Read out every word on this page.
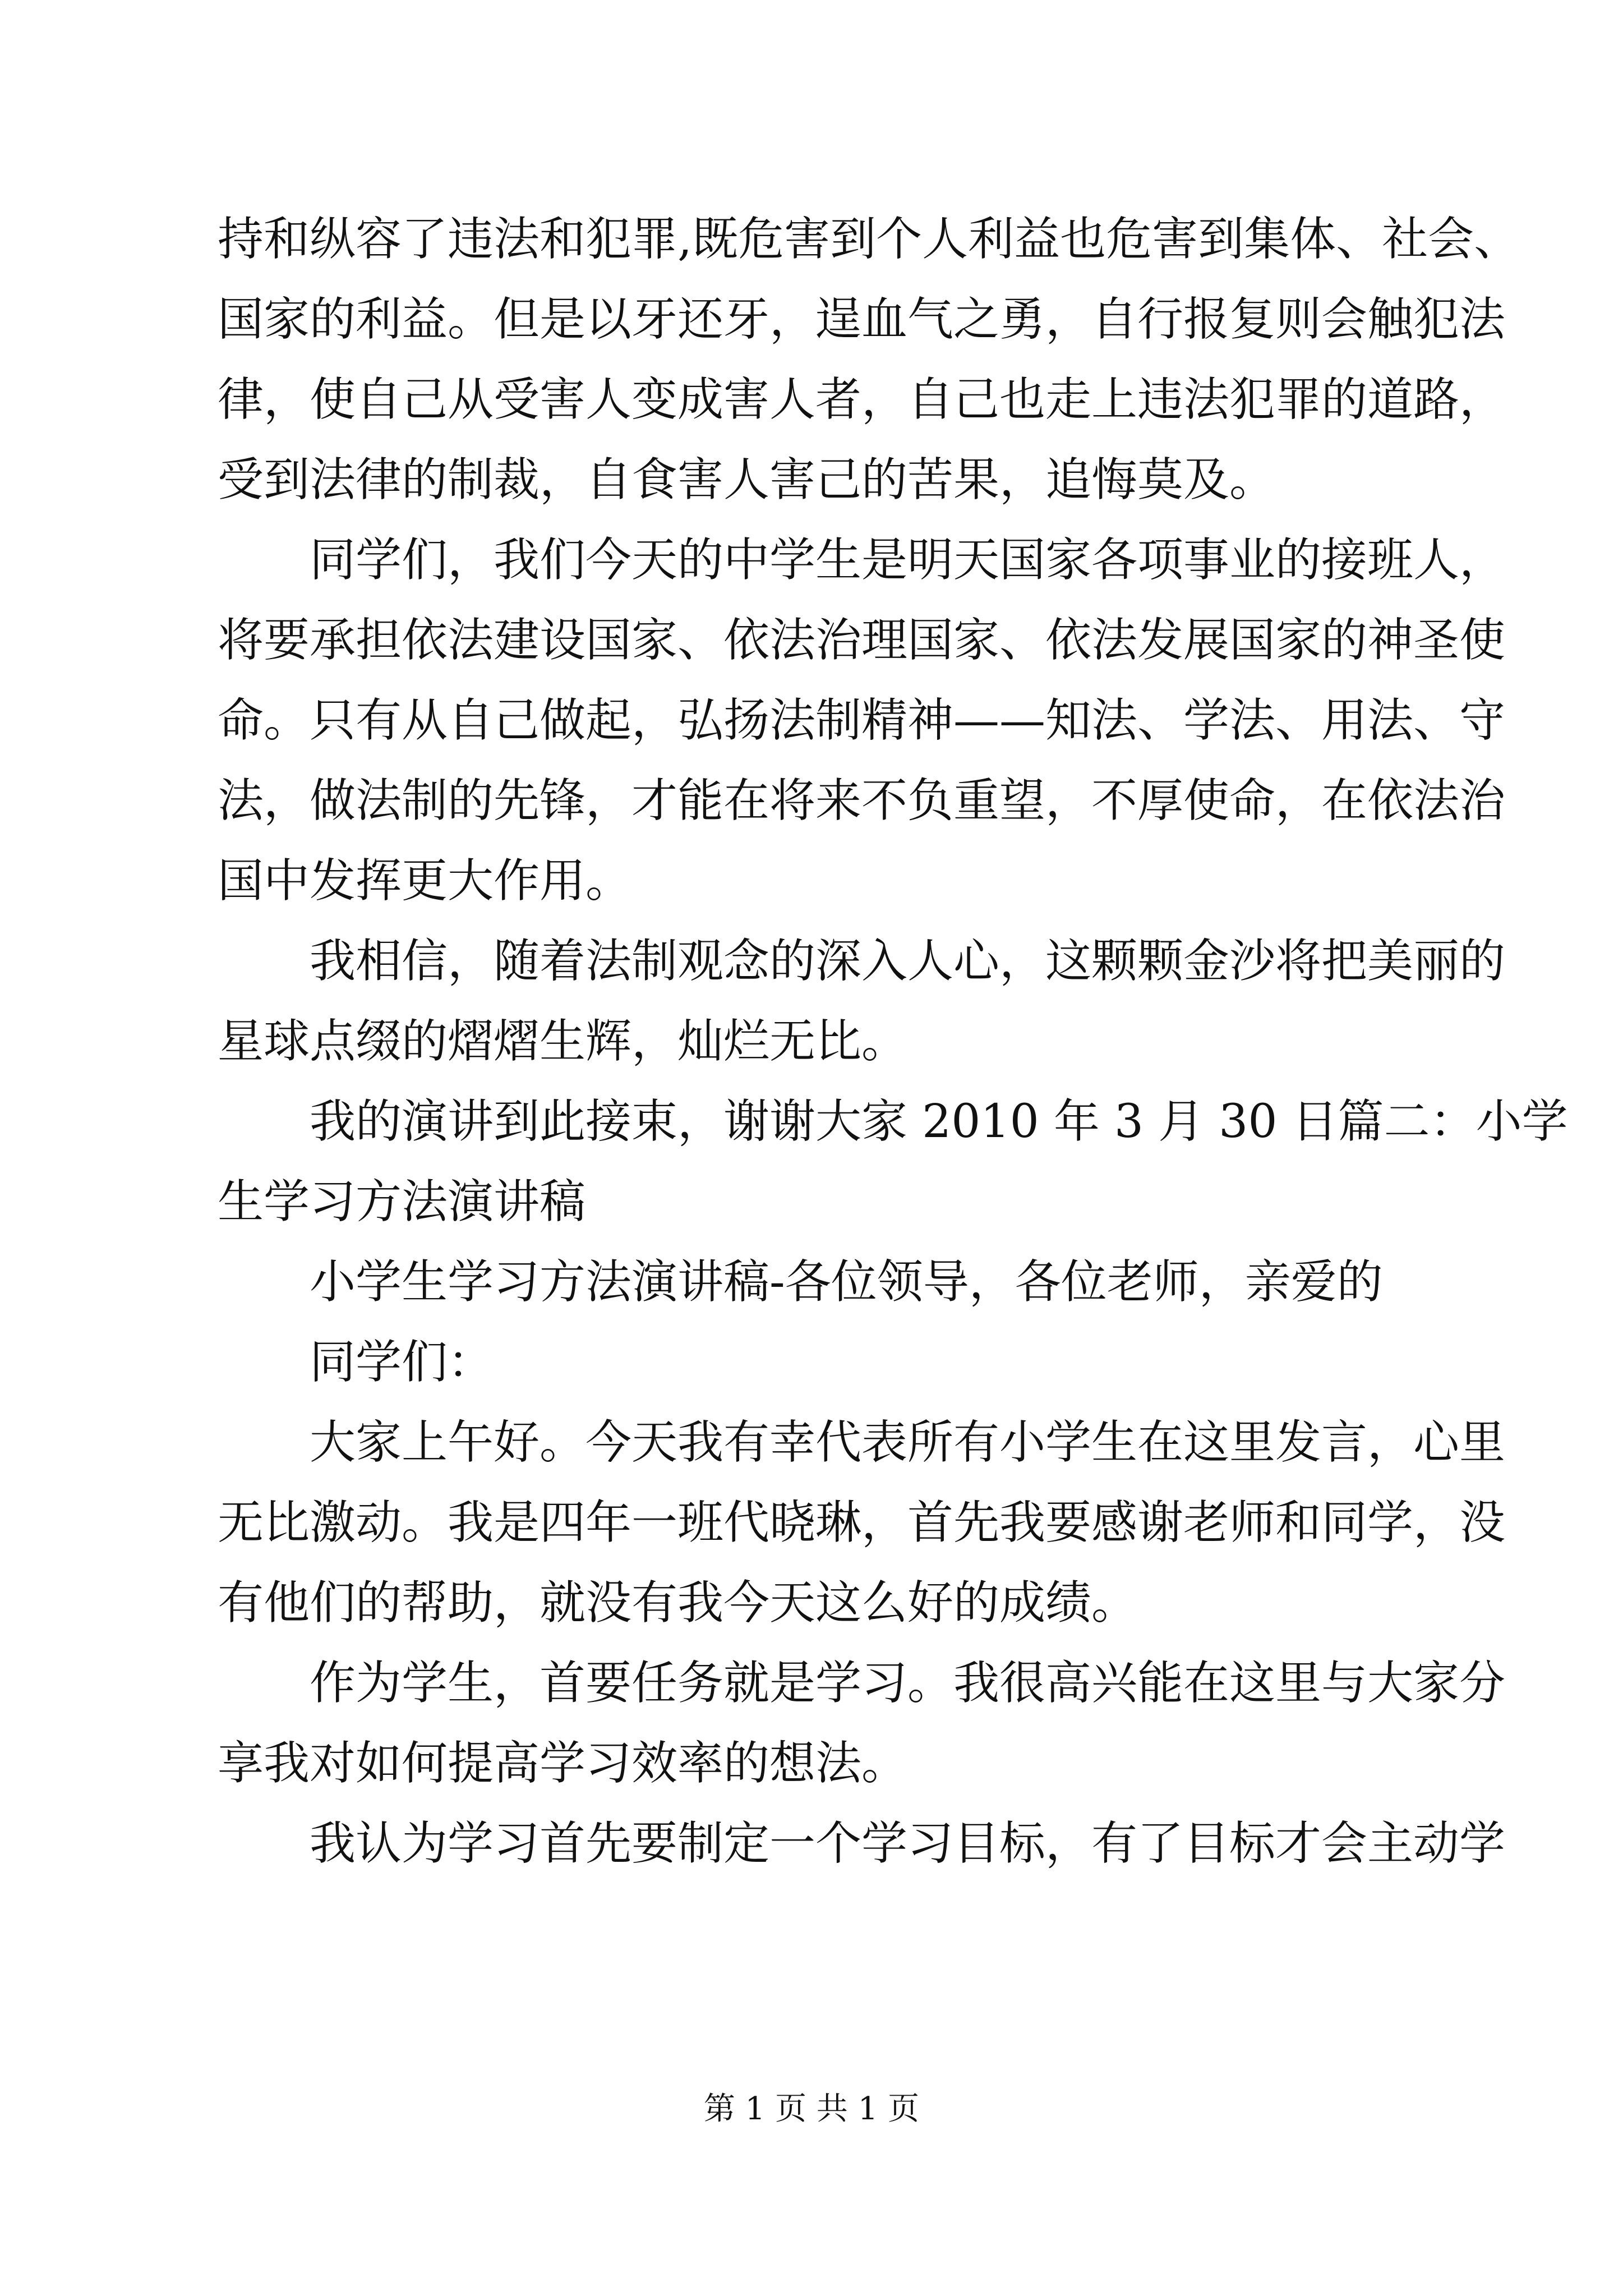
持和纵容了违法和犯罪,既危害到个人利益也危害到集体、社会、
国家的利益。但是以牙还牙，逞血气之勇，自行报复则会触犯法
律，使自己从受害人变成害人者，自己也走上违法犯罪的道路，
受到法律的制裁，自食害人害己的苦果，追悔莫及。
同学们，我们今天的中学生是明天国家各项事业的接班人，
将要承担依法建设国家、依法治理国家、依法发展国家的神圣使
命。只有从自己做起，弘扬法制精神——知法、学法、用法、守
法，做法制的先锋，才能在将来不负重望，不厚使命，在依法治
国中发挥更大作用。
我相信，随着法制观念的深入人心，这颗颗金沙将把美丽的
星球点缀的熠熠生辉，灿烂无比。
我的演讲到此接束，谢谢大家 2010 年 3 月 30 日篇二：小学
生学习方法演讲稿
小学生学习方法演讲稿-各位领导，各位老师，亲爱的
同学们：
大家上午好。今天我有幸代表所有小学生在这里发言，心里
无比激动。我是四年一班代晓琳，首先我要感谢老师和同学，没
有他们的帮助，就没有我今天这么好的成绩。
作为学生，首要任务就是学习。我很高兴能在这里与大家分
享我对如何提高学习效率的想法。
我认为学习首先要制定一个学习目标，有了目标才会主动学
第 1 页 共 1 页
